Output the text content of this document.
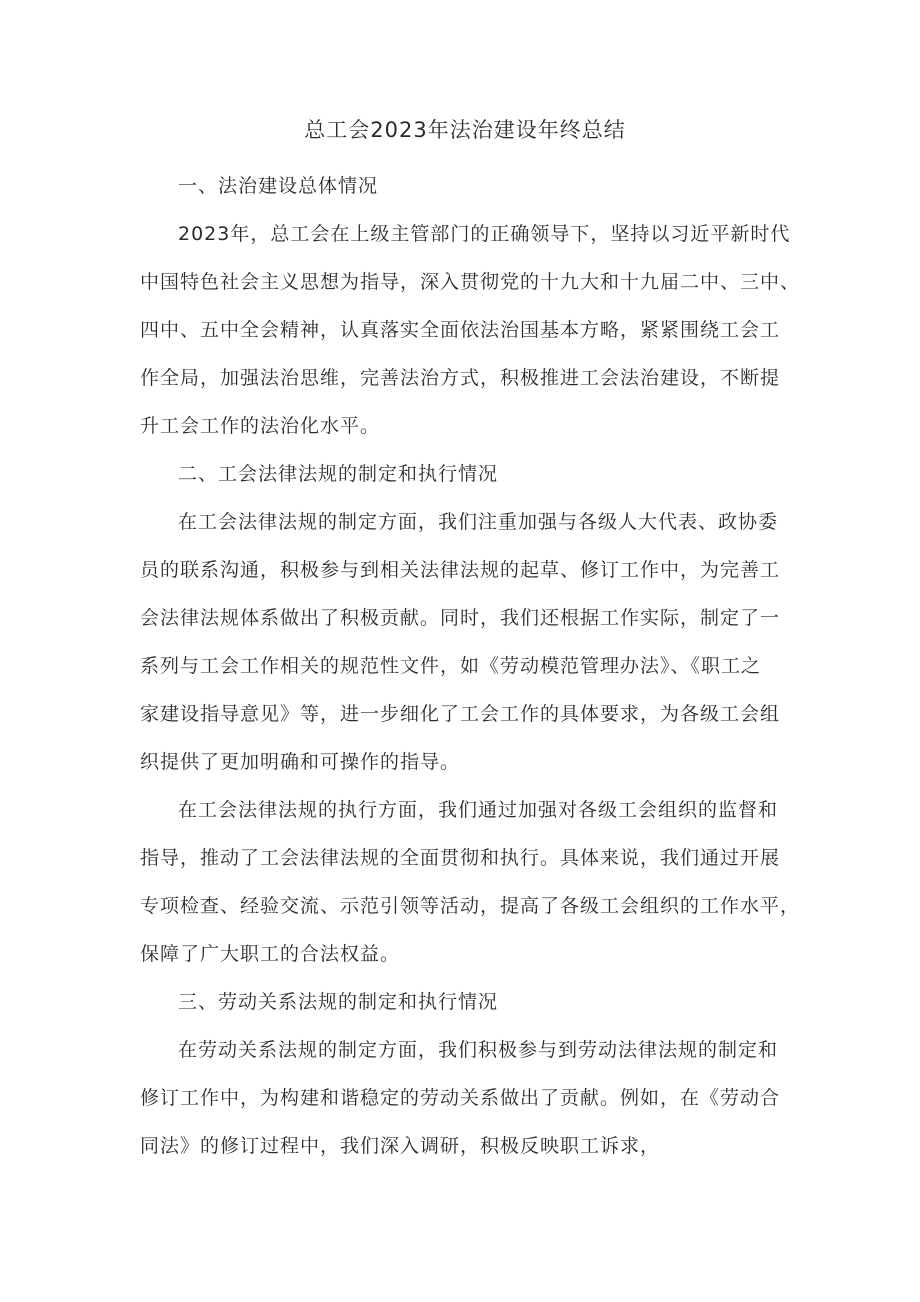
总工会2023年法治建设年终总结

一、法治建设总体情况

2023年，总工会在上级主管部门的正确领导下，坚持以习近平新时代
中国特色社会主义思想为指导，深入贯彻党的十九大和十九届二中、三中、
四中、五中全会精神，认真落实全面依法治国基本方略，紧紧围绕工会工
作全局，加强法治思维，完善法治方式，积极推进工会法治建设，不断提
升工会工作的法治化水平。

二、工会法律法规的制定和执行情况

在工会法律法规的制定方面，我们注重加强与各级人大代表、政协委
员的联系沟通，积极参与到相关法律法规的起草、修订工作中，为完善工
会法律法规体系做出了积极贡献。同时，我们还根据工作实际，制定了一
系列与工会工作相关的规范性文件，如《劳动模范管理办法》、《职工之
家建设指导意见》等，进一步细化了工会工作的具体要求，为各级工会组
织提供了更加明确和可操作的指导。

在工会法律法规的执行方面，我们通过加强对各级工会组织的监督和
指导，推动了工会法律法规的全面贯彻和执行。具体来说，我们通过开展
专项检查、经验交流、示范引领等活动，提高了各级工会组织的工作水平，
保障了广大职工的合法权益。

三、劳动关系法规的制定和执行情况

在劳动关系法规的制定方面，我们积极参与到劳动法律法规的制定和
修订工作中，为构建和谐稳定的劳动关系做出了贡献。例如，在《劳动合
同法》的修订过程中，我们深入调研，积极反映职工诉求，
